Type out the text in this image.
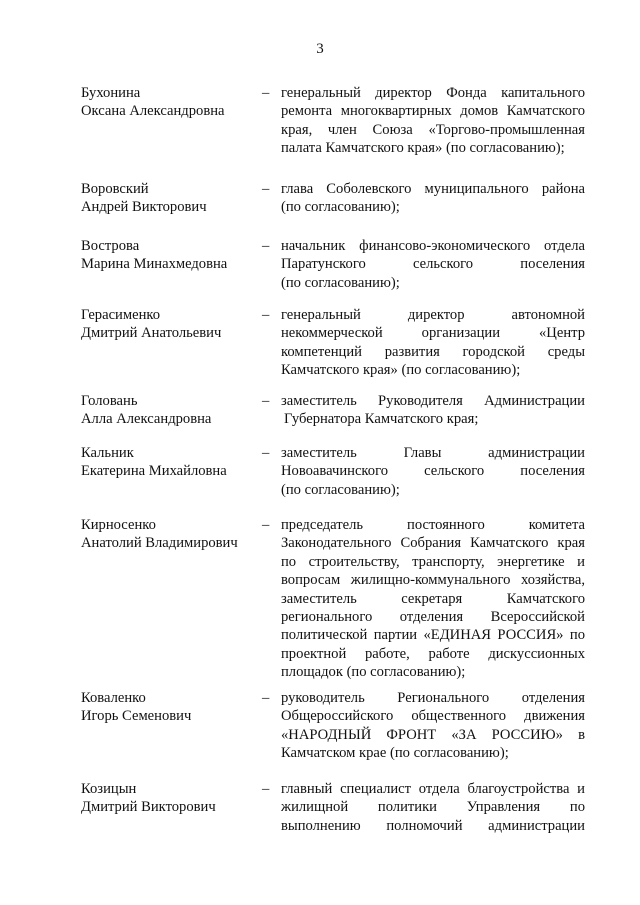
3
Бухонина
Оксана Александровна
– генеральный директор Фонда капитального
ремонта многоквартирных домов Камчатского
края, член Союза «Торгово-промышленная
палата Камчатского края» (по согласованию);
Воровский
Андрей Викторович
– глава Соболевского муниципального района
(по согласованию);
Вострова
Марина Минахмедовна
– начальник финансово-экономического отдела
Паратунского сельского поселения
(по согласованию);
Герасименко
Дмитрий Анатольевич
– генеральный директор автономной
некоммерческой организации «Центр
компетенций развития городской среды
Камчатского края» (по согласованию);
Головань
Алла Александровна
– заместитель Руководителя Администрации
Губернатора Камчатского края;
Кальник
Екатерина Михайловна
– заместитель Главы администрации
Новоавачинского сельского поселения
(по согласованию);
Кирносенко
Анатолий Владимирович
– председатель постоянного комитета
Законодательного Собрания Камчатского края
по строительству, транспорту, энергетике и
вопросам жилищно-коммунального хозяйства,
заместитель секретаря Камчатского
регионального отделения Всероссийской
политической партии «ЕДИНАЯ РОССИЯ» по
проектной работе, работе дискуссионных
площадок (по согласованию);
Коваленко
Игорь Семенович
– руководитель Регионального отделения
Общероссийского общественного движения
«НАРОДНЫЙ ФРОНТ «ЗА РОССИЮ» в
Камчатском крае (по согласованию);
Козицын
Дмитрий Викторович
– главный специалист отдела благоустройства и
жилищной политики Управления по
выполнению полномочий администрации
